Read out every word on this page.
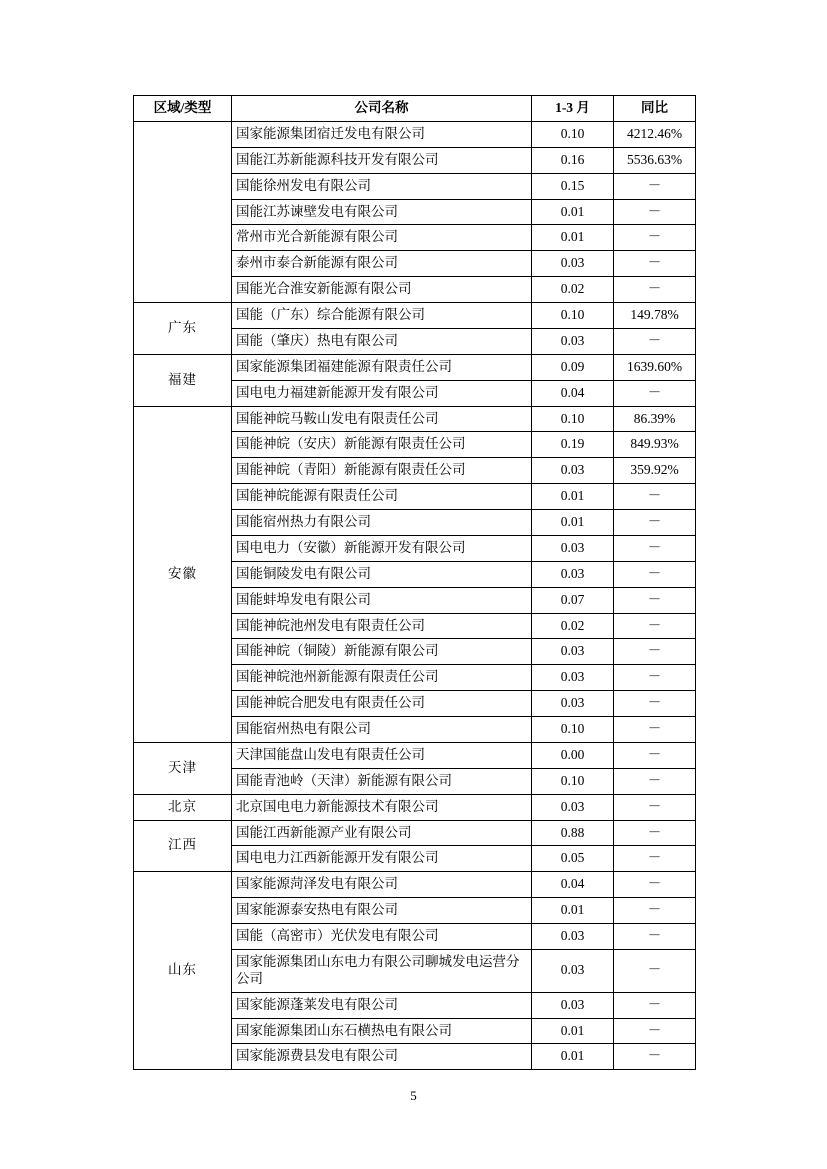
区域/类型	公司名称	1-3 月	同比
	国家能源集团宿迁发电有限公司	0.10	4212.46%
	国能江苏新能源科技开发有限公司	0.16	5536.63%
	国能徐州发电有限公司	0.15	－
	国能江苏谏壁发电有限公司	0.01	－
	常州市光合新能源有限公司	0.01	－
	泰州市泰合新能源有限公司	0.03	－
	国能光合淮安新能源有限公司	0.02	－
广东	国能（广东）综合能源有限公司	0.10	149.78%
	国能（肇庆）热电有限公司	0.03	－
福建	国家能源集团福建能源有限责任公司	0.09	1639.60%
	国电电力福建新能源开发有限公司	0.04	－
安徽	国能神皖马鞍山发电有限责任公司	0.10	86.39%
	国能神皖（安庆）新能源有限责任公司	0.19	849.93%
	国能神皖（青阳）新能源有限责任公司	0.03	359.92%
	国能神皖能源有限责任公司	0.01	－
	国能宿州热力有限公司	0.01	－
	国电电力（安徽）新能源开发有限公司	0.03	－
	国能铜陵发电有限公司	0.03	－
	国能蚌埠发电有限公司	0.07	－
	国能神皖池州发电有限责任公司	0.02	－
	国能神皖（铜陵）新能源有限公司	0.03	－
	国能神皖池州新能源有限责任公司	0.03	－
	国能神皖合肥发电有限责任公司	0.03	－
	国能宿州热电有限公司	0.10	－
天津	天津国能盘山发电有限责任公司	0.00	－
	国能青池岭（天津）新能源有限公司	0.10	－
北京	北京国电电力新能源技术有限公司	0.03	－
江西	国能江西新能源产业有限公司	0.88	－
	国电电力江西新能源开发有限公司	0.05	－
山东	国家能源菏泽发电有限公司	0.04	－
	国家能源泰安热电有限公司	0.01	－
	国能（高密市）光伏发电有限公司	0.03	－
	国家能源集团山东电力有限公司聊城发电运营分公司	0.03	－
	国家能源蓬莱发电有限公司	0.03	－
	国家能源集团山东石横热电有限公司	0.01	－
	国家能源费县发电有限公司	0.01	－
5
